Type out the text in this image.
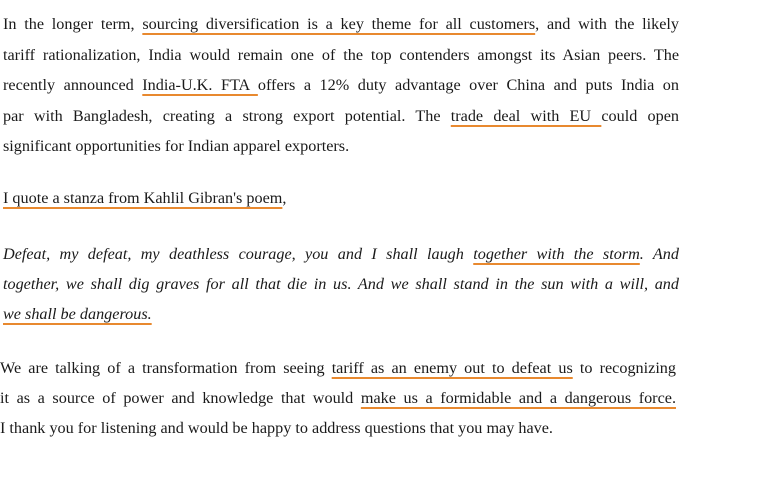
In the longer term, sourcing diversification is a key theme for all customers, and with the likely
tariff rationalization, India would remain one of the top contenders amongst its Asian peers. The
recently announced India-U.K. FTA offers a 12% duty advantage over China and puts India on
par with Bangladesh, creating a strong export potential. The trade deal with EU could open
significant opportunities for Indian apparel exporters.

I quote a stanza from Kahlil Gibran's poem,

Defeat, my defeat, my deathless courage, you and I shall laugh together with the storm. And
together, we shall dig graves for all that die in us. And we shall stand in the sun with a will, and
we shall be dangerous.

We are talking of a transformation from seeing tariff as an enemy out to defeat us to recognizing
it as a source of power and knowledge that would make us a formidable and a dangerous force.
I thank you for listening and would be happy to address questions that you may have.
